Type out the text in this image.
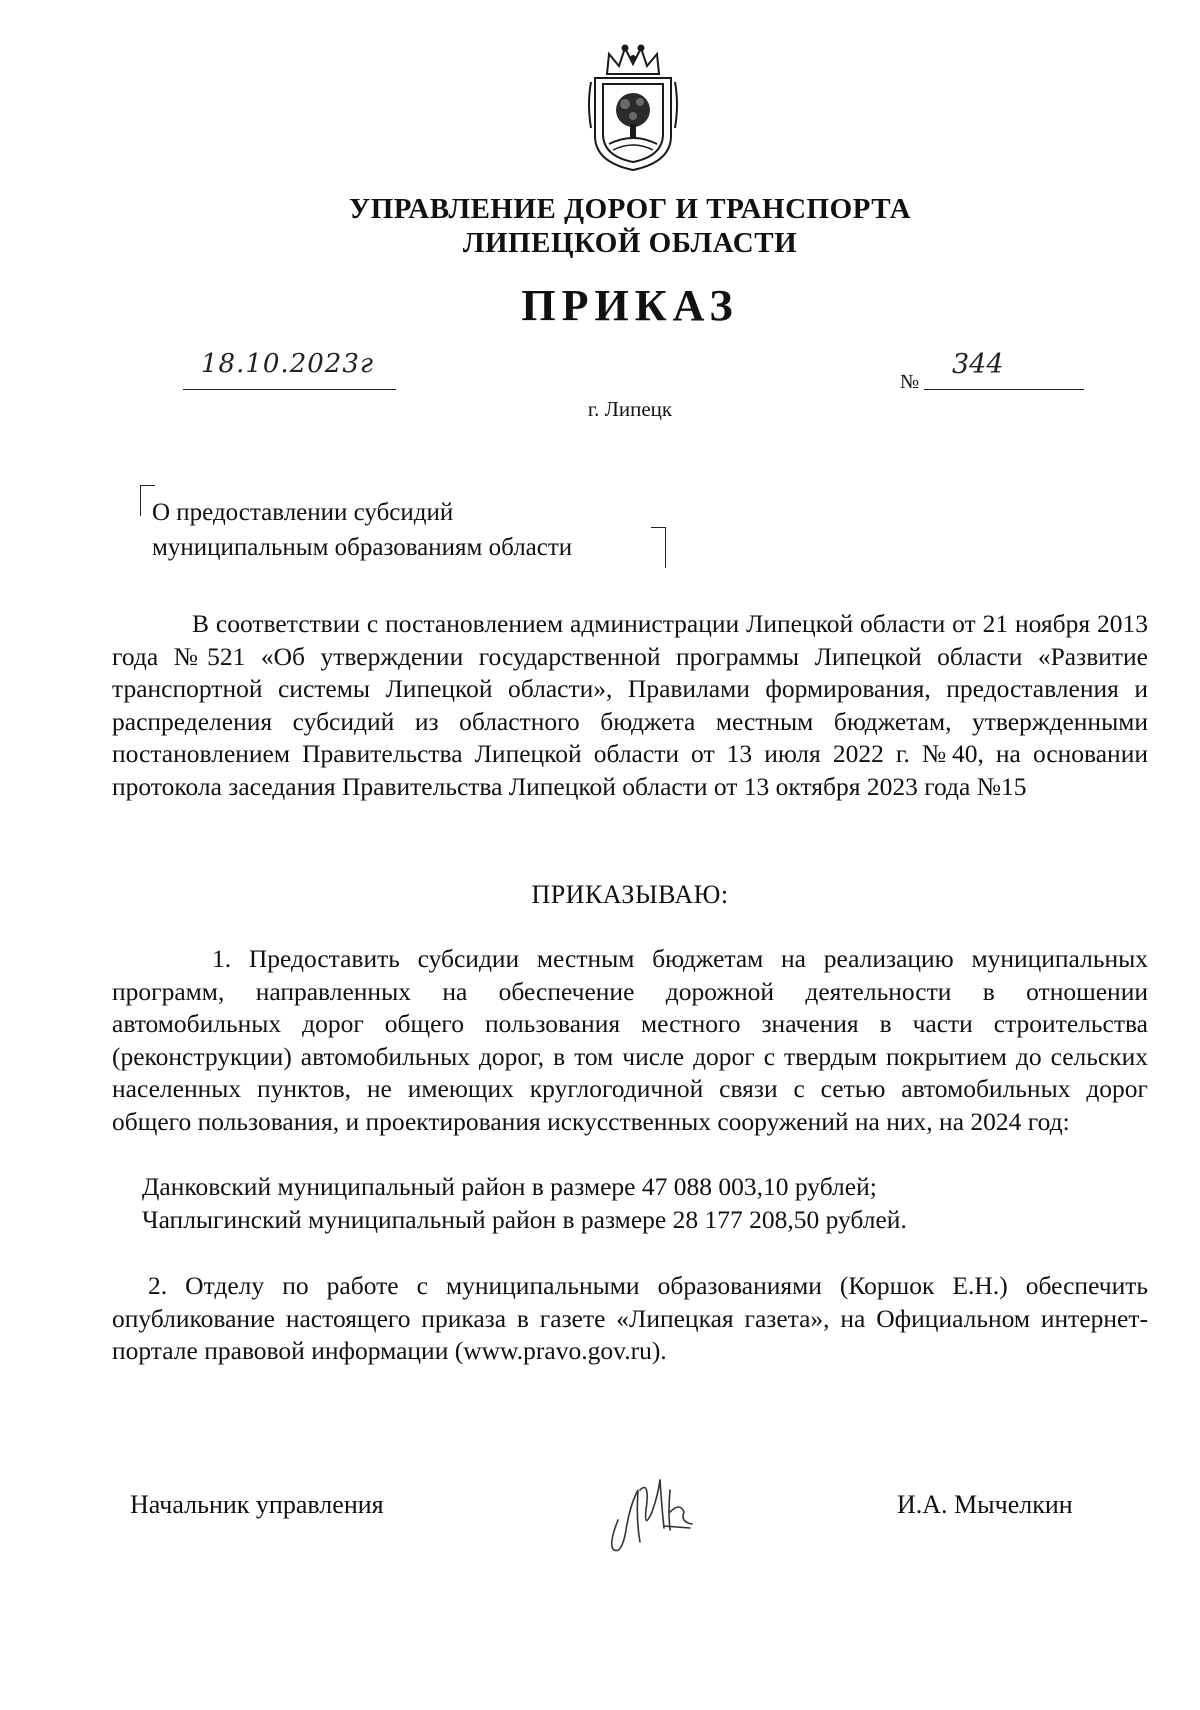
УПРАВЛЕНИЕ ДОРОГ И ТРАНСПОРТА
ЛИПЕЦКОЙ ОБЛАСТИ
ПРИКАЗ
18.10.2023г
№
344
г. Липецк
О предоставлении субсидий
муниципальным образованиям области
В соответствии с постановлением администрации Липецкой области от 21 ноября 2013 года №521 «Об утверждении государственной программы Липецкой области «Развитие транспортной системы Липецкой области», Правилами формирования, предоставления и распределения субсидий из областного бюджета местным бюджетам, утвержденными постановлением Правительства Липецкой области от 13 июля 2022 г. №40, на основании протокола заседания Правительства Липецкой области от 13 октября 2023 года №15
ПРИКАЗЫВАЮ:
1. Предоставить субсидии местным бюджетам на реализацию муниципальных программ, направленных на обеспечение дорожной деятельности в отношении автомобильных дорог общего пользования местного значения в части строительства (реконструкции) автомобильных дорог, в том числе дорог с твердым покрытием до сельских населенных пунктов, не имеющих круглогодичной связи с сетью автомобильных дорог общего пользования, и проектирования искусственных сооружений на них, на 2024 год:
Данковский муниципальный район в размере 47 088 003,10 рублей;
Чаплыгинский муниципальный район в размере 28 177 208,50 рублей.
2. Отделу по работе с муниципальными образованиями (Коршок Е.Н.) обеспечить опубликование настоящего приказа в газете «Липецкая газета», на Официальном интернет-портале правовой информации (www.pravo.gov.ru).
Начальник управления	И.А. Мычелкин
